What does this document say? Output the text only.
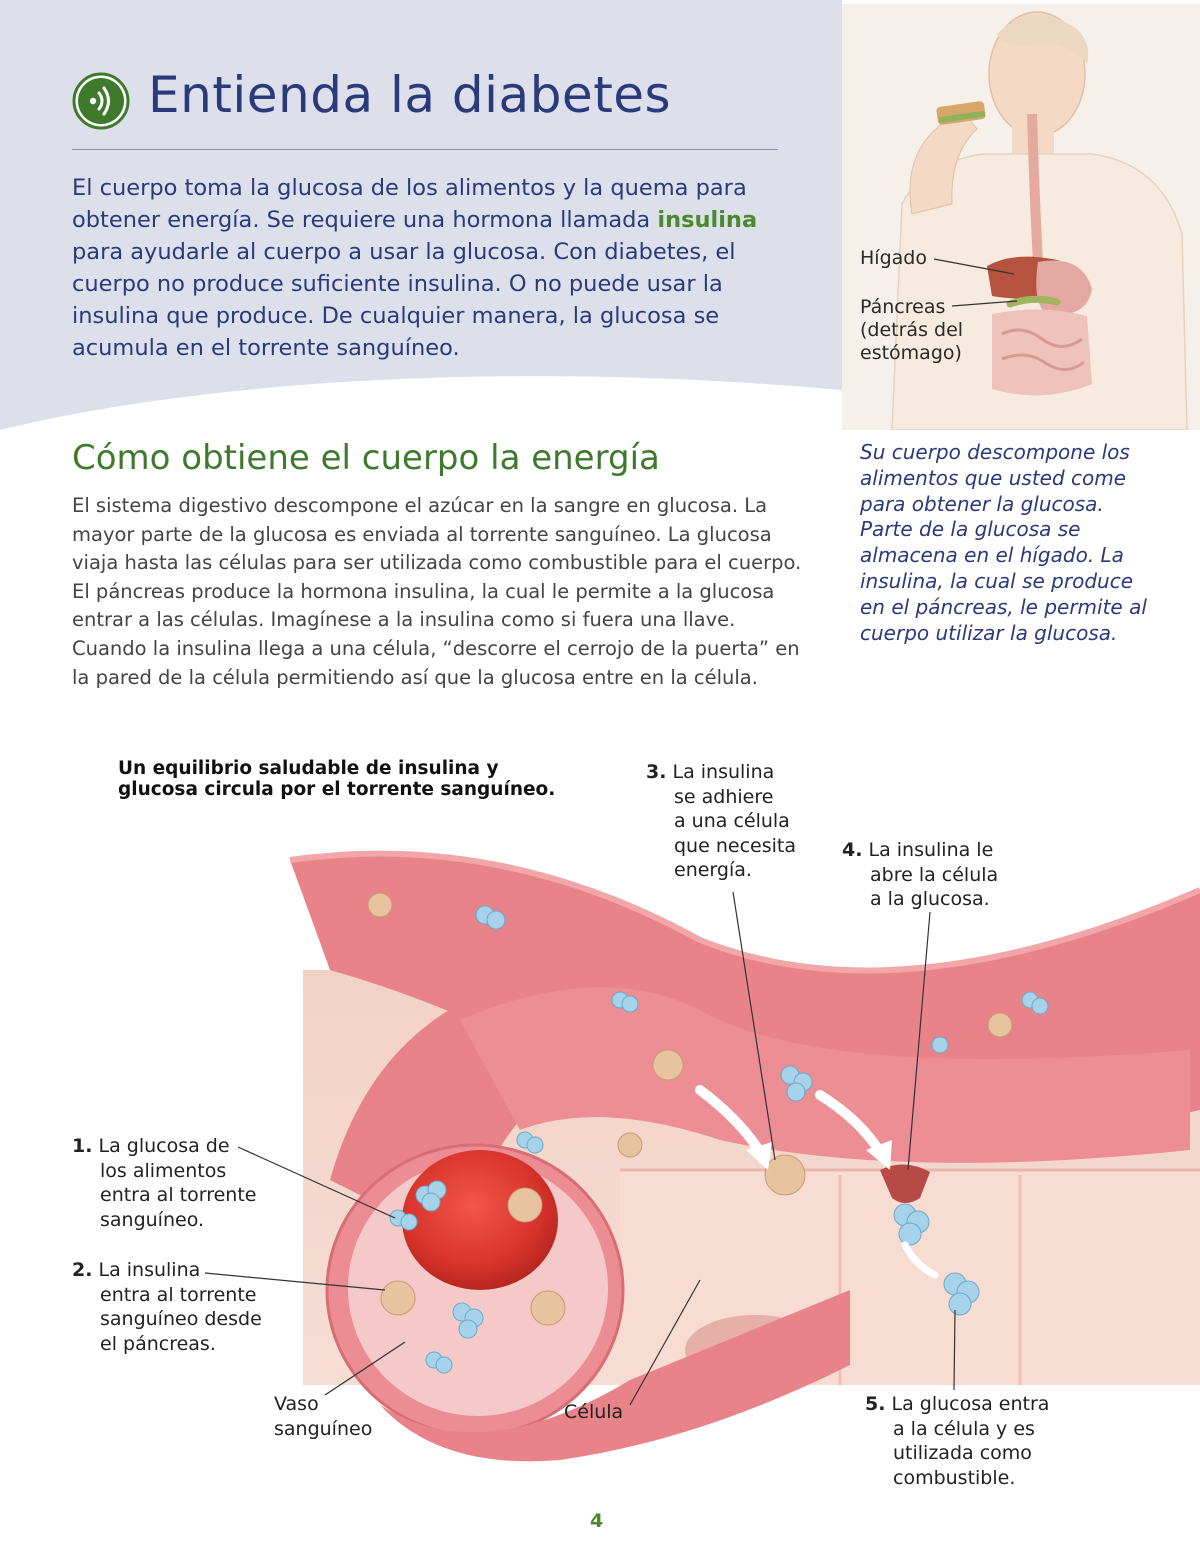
Entienda la diabetes
El cuerpo toma la glucosa de los alimentos y la quema para obtener energía. Se requiere una hormona llamada insulina para ayudarle al cuerpo a usar la glucosa. Con diabetes, el cuerpo no produce suficiente insulina. O no puede usar la insulina que produce. De cualquier manera, la glucosa se acumula en el torrente sanguíneo.
Hígado
Páncreas
(detrás del
estómago)
Cómo obtiene el cuerpo la energía
El sistema digestivo descompone el azúcar en la sangre en glucosa. La mayor parte de la glucosa es enviada al torrente sanguíneo. La glucosa viaja hasta las células para ser utilizada como combustible para el cuerpo. El páncreas produce la hormona insulina, la cual le permite a la glucosa entrar a las células. Imagínese a la insulina como si fuera una llave. Cuando la insulina llega a una célula, “descorre el cerrojo de la puerta” en la pared de la célula permitiendo así que la glucosa entre en la célula.
Su cuerpo descompone los alimentos que usted come para obtener la glucosa. Parte de la glucosa se almacena en el hígado. La insulina, la cual se produce en el páncreas, le permite al cuerpo utilizar la glucosa.
Un equilibrio saludable de insulina y
glucosa circula por el torrente sanguíneo.
1. La glucosa de
los alimentos
entra al torrente
sanguíneo.
2. La insulina
entra al torrente
sanguíneo desde
el páncreas.
3. La insulina
se adhiere
a una célula
que necesita
energía.
4. La insulina le
abre la célula
a la glucosa.
5. La glucosa entra
a la célula y es
utilizada como
combustible.
Vaso
sanguíneo
Célula
4
